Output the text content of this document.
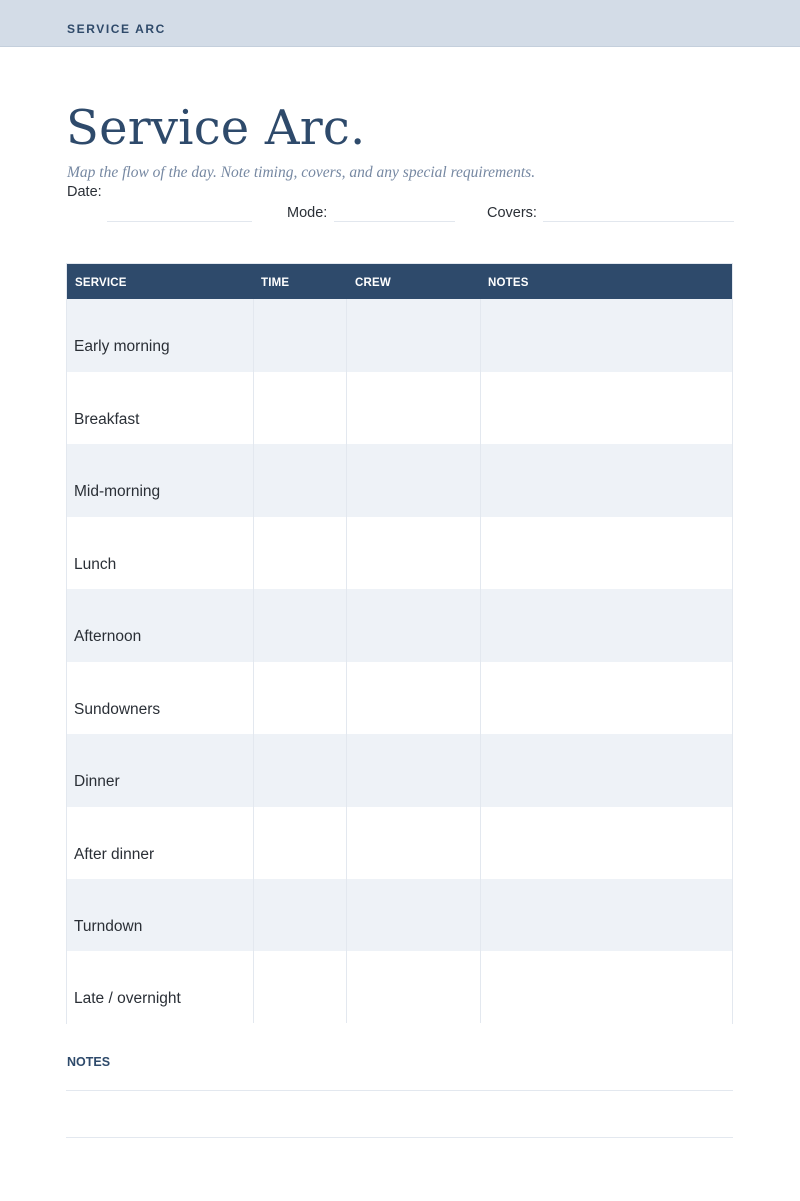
SERVICE ARC
Service Arc.
Map the flow of the day. Note timing, covers, and any special requirements.
Date:
Mode:	Covers:
SERVICE	TIME	CREW	NOTES
Early morning
Breakfast
Mid-morning
Lunch
Afternoon
Sundowners
Dinner
After dinner
Turndown
Late / overnight
NOTES
